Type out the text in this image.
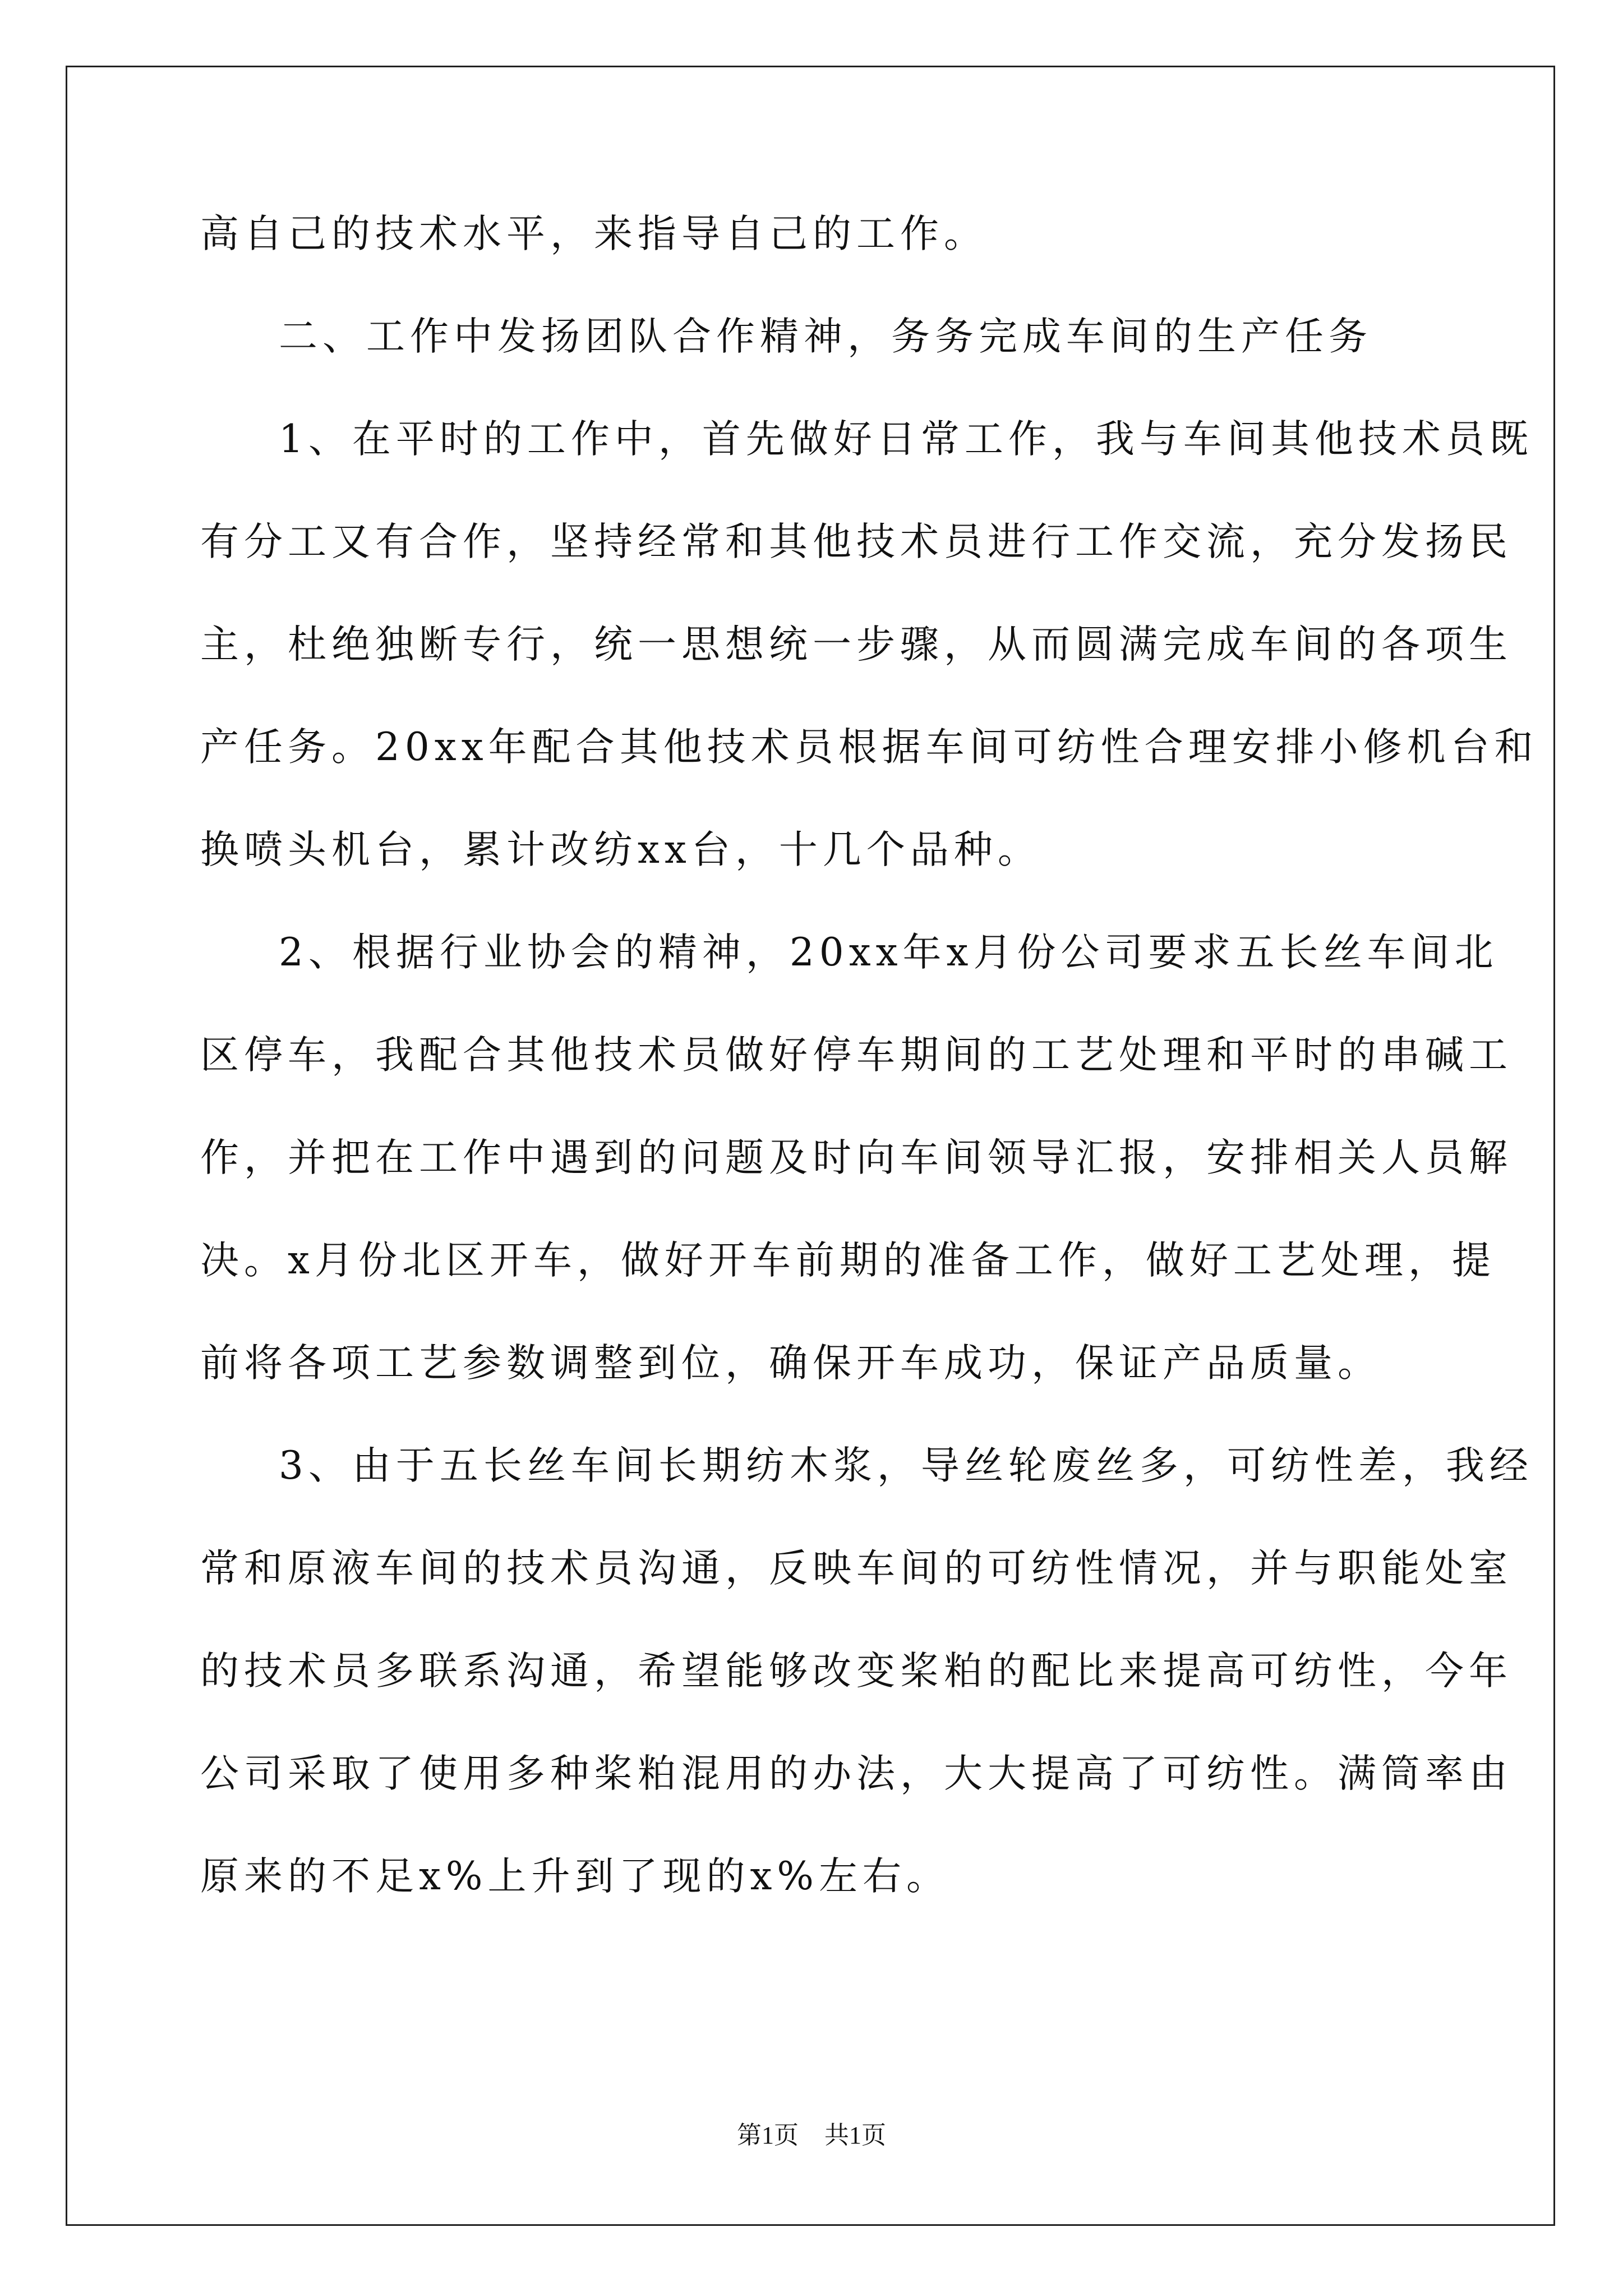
高自己的技术水平，来指导自己的工作。
二、工作中发扬团队合作精神，务务完成车间的生产任务
1、在平时的工作中，首先做好日常工作，我与车间其他技术员既
有分工又有合作，坚持经常和其他技术员进行工作交流，充分发扬民
主，杜绝独断专行，统一思想统一步骤，从而圆满完成车间的各项生
产任务。20xx年配合其他技术员根据车间可纺性合理安排小修机台和
换喷头机台，累计改纺xx台，十几个品种。
2、根据行业协会的精神，20xx年x月份公司要求五长丝车间北
区停车，我配合其他技术员做好停车期间的工艺处理和平时的串碱工
作，并把在工作中遇到的问题及时向车间领导汇报，安排相关人员解
决。x月份北区开车，做好开车前期的准备工作，做好工艺处理，提
前将各项工艺参数调整到位，确保开车成功，保证产品质量。
3、由于五长丝车间长期纺木浆，导丝轮废丝多，可纺性差，我经
常和原液车间的技术员沟通，反映车间的可纺性情况，并与职能处室
的技术员多联系沟通，希望能够改变桨粕的配比来提高可纺性，今年
公司采取了使用多种桨粕混用的办法，大大提高了可纺性。满筒率由
原来的不足x%上升到了现的x%左右。
第1页 共1页
